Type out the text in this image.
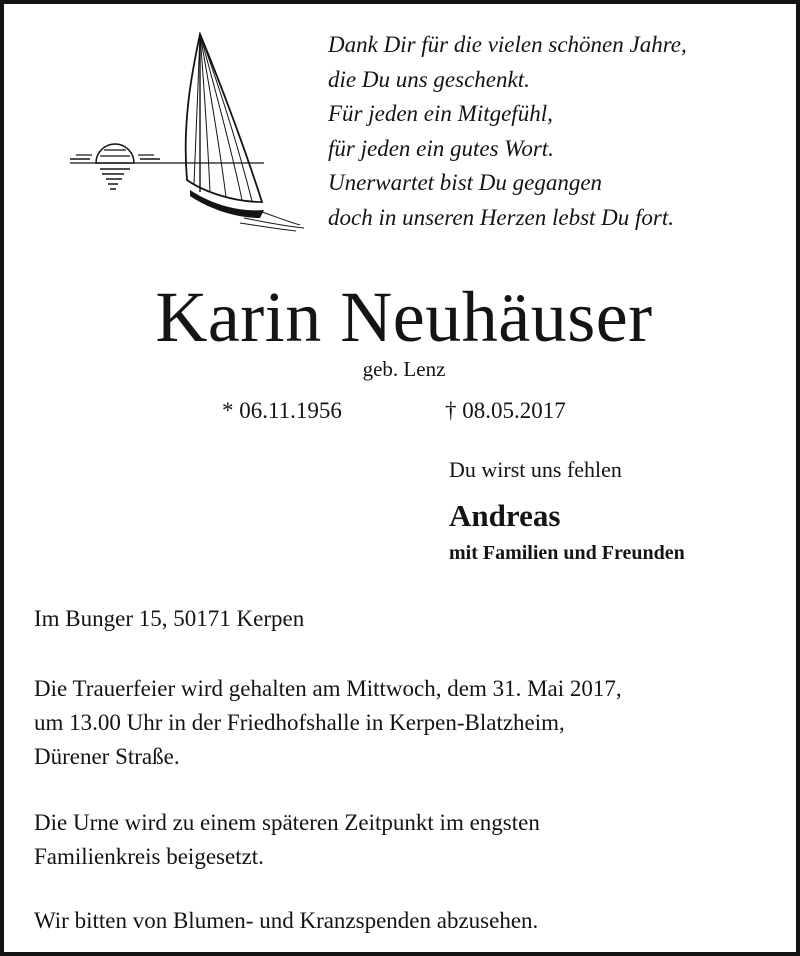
Dank Dir für die vielen schönen Jahre,
die Du uns geschenkt.
Für jeden ein Mitgefühl,
für jeden ein gutes Wort.
Unerwartet bist Du gegangen
doch in unseren Herzen lebst Du fort.
Karin Neuhäuser
geb. Lenz
* 06.11.1956	† 08.05.2017
Du wirst uns fehlen
Andreas
mit Familien und Freunden
Im Bunger 15, 50171 Kerpen
Die Trauerfeier wird gehalten am Mittwoch, dem 31. Mai 2017,
um 13.00 Uhr in der Friedhofshalle in Kerpen-Blatzheim,
Dürener Straße.
Die Urne wird zu einem späteren Zeitpunkt im engsten
Familienkreis beigesetzt.
Wir bitten von Blumen- und Kranzspenden abzusehen.
